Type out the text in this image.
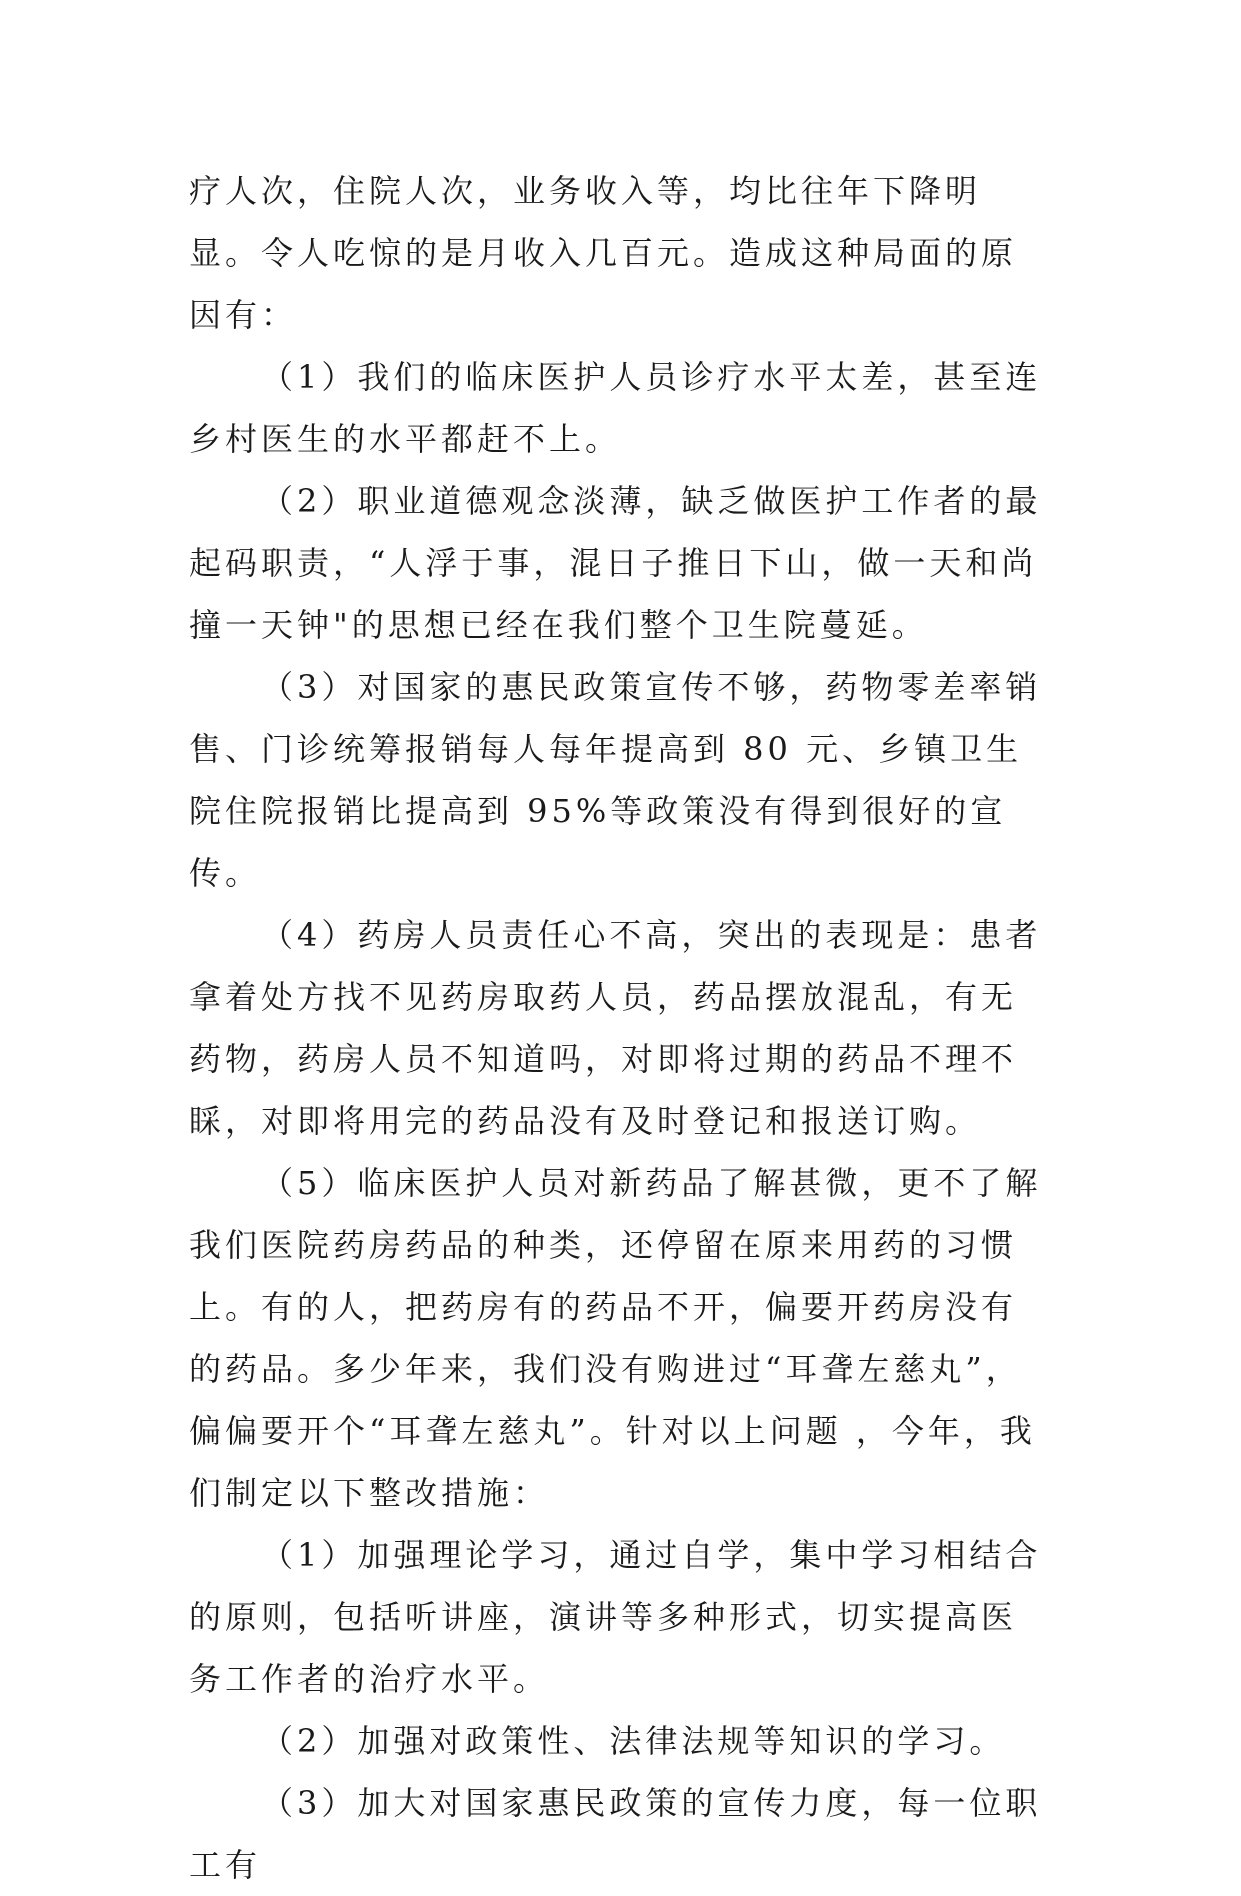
疗人次，住院人次，业务收入等，均比往年下降明显。令人吃惊的是月收入几百元。造成这种局面的原因有：

（1）我们的临床医护人员诊疗水平太差，甚至连乡村医生的水平都赶不上。

（2）职业道德观念淡薄，缺乏做医护工作者的最起码职责，“人浮于事，混日子推日下山，做一天和尚撞一天钟"的思想已经在我们整个卫生院蔓延。

（3）对国家的惠民政策宣传不够，药物零差率销售、门诊统筹报销每人每年提高到 80 元、乡镇卫生院住院报销比提高到 95%等政策没有得到很好的宣传。

（4）药房人员责任心不高，突出的表现是：患者拿着处方找不见药房取药人员，药品摆放混乱，有无药物，药房人员不知道吗，对即将过期的药品不理不睬，对即将用完的药品没有及时登记和报送订购。

（5）临床医护人员对新药品了解甚微，更不了解我们医院药房药品的种类，还停留在原来用药的习惯上。有的人，把药房有的药品不开，偏要开药房没有的药品。多少年来，我们没有购进过“耳聋左慈丸”，偏偏要开个“耳聋左慈丸”。针对以上问题 ，今年，我们制定以下整改措施：

（1）加强理论学习，通过自学，集中学习相结合的原则，包括听讲座，演讲等多种形式，切实提高医务工作者的治疗水平。

（2）加强对政策性、法律法规等知识的学习。

（3）加大对国家惠民政策的宣传力度，每一位职工有
